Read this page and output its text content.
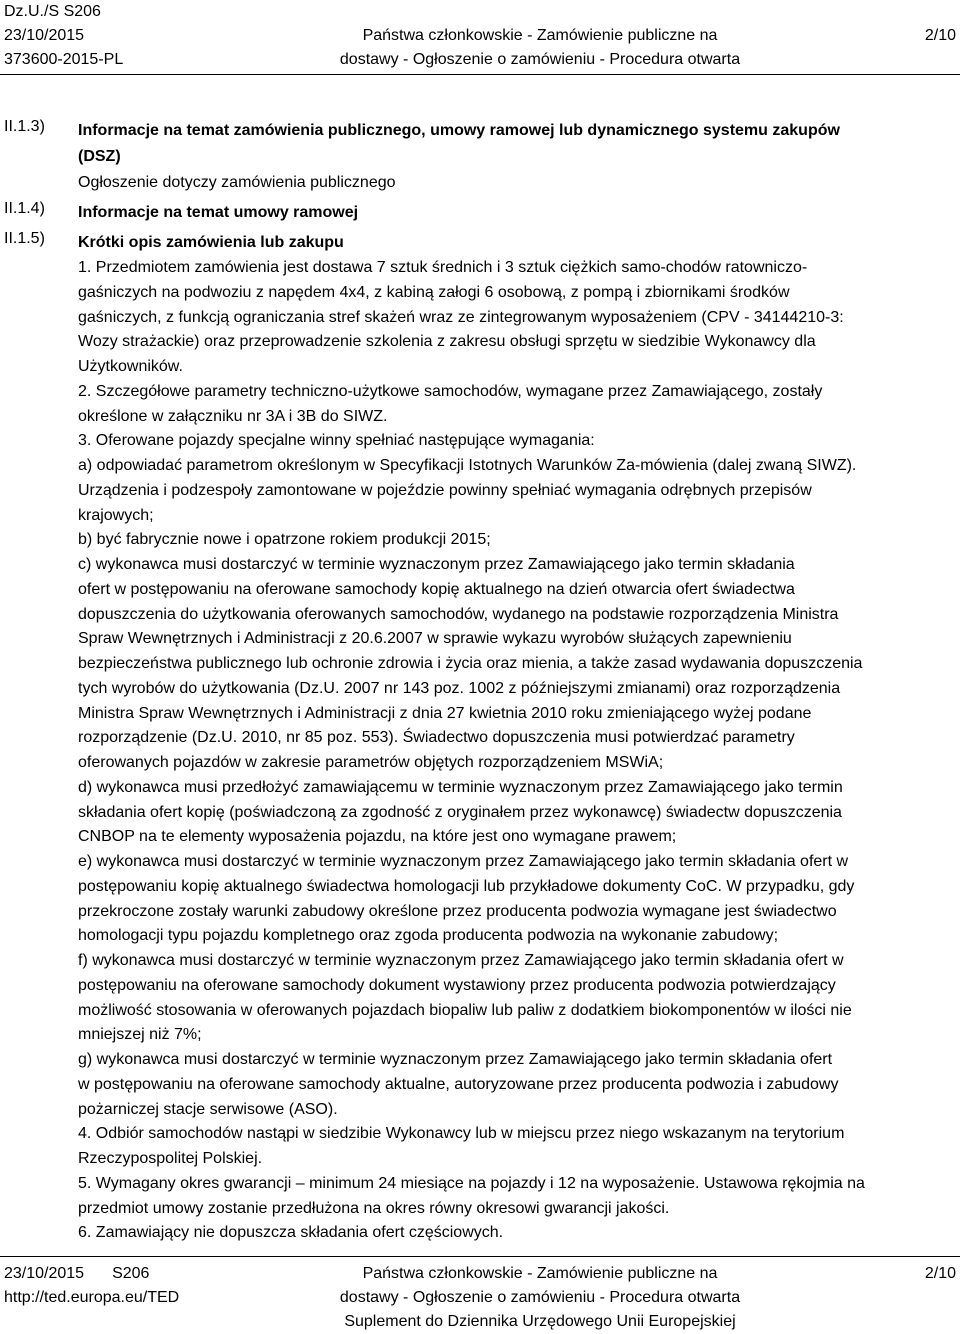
Dz.U./S S206
23/10/2015
373600-2015-PL
Państwa członkowskie - Zamówienie publiczne na
dostawy - Ogłoszenie o zamówieniu - Procedura otwarta
2/10
II.1.3)
II.1.4)
II.1.5)

Informacje na temat zamówienia publicznego, umowy ramowej lub dynamicznego systemu zakupów

(DSZ)

Ogłoszenie dotyczy zamówienia publicznego

Informacje na temat umowy ramowej

Krótki opis zamówienia lub zakupu

1. Przedmiotem zamówienia jest dostawa 7 sztuk średnich i 3 sztuk ciężkich samo-chodów ratowniczo-

gaśniczych na podwoziu z napędem 4x4, z kabiną załogi 6 osobową, z pompą i zbiornikami środków

gaśniczych, z funkcją ograniczania stref skażeń wraz ze zintegrowanym wyposażeniem (CPV - 34144210-3:

Wozy strażackie) oraz przeprowadzenie szkolenia z zakresu obsługi sprzętu w siedzibie Wykonawcy dla

Użytkowników.

2. Szczegółowe parametry techniczno-użytkowe samochodów, wymagane przez Zamawiającego, zostały

określone w załączniku nr 3A i 3B do SIWZ.

3. Oferowane pojazdy specjalne winny spełniać następujące wymagania:

a) odpowiadać parametrom określonym w Specyfikacji Istotnych Warunków Za-mówienia (dalej zwaną SIWZ).

Urządzenia i podzespoły zamontowane w pojeździe powinny spełniać wymagania odrębnych przepisów

krajowych;

b) być fabrycznie nowe i opatrzone rokiem produkcji 2015;

c) wykonawca musi dostarczyć w terminie wyznaczonym przez Zamawiającego jako termin składania

ofert w postępowaniu na oferowane samochody kopię aktualnego na dzień otwarcia ofert świadectwa

dopuszczenia do użytkowania oferowanych samochodów, wydanego na podstawie rozporządzenia Ministra

Spraw Wewnętrznych i Administracji z 20.6.2007 w sprawie wykazu wyrobów służących zapewnieniu

bezpieczeństwa publicznego lub ochronie zdrowia i życia oraz mienia, a także zasad wydawania dopuszczenia

tych wyrobów do użytkowania (Dz.U. 2007 nr 143 poz. 1002 z późniejszymi zmianami) oraz rozporządzenia

Ministra Spraw Wewnętrznych i Administracji z dnia 27 kwietnia 2010 roku zmieniającego wyżej podane

rozporządzenie (Dz.U. 2010, nr 85 poz. 553). Świadectwo dopuszczenia musi potwierdzać parametry

oferowanych pojazdów w zakresie parametrów objętych rozporządzeniem MSWiA;

d) wykonawca musi przedłożyć zamawiającemu w terminie wyznaczonym przez Zamawiającego jako termin

składania ofert kopię (poświadczoną za zgodność z oryginałem przez wykonawcę) świadectw dopuszczenia

CNBOP na te elementy wyposażenia pojazdu, na które jest ono wymagane prawem;

e) wykonawca musi dostarczyć w terminie wyznaczonym przez Zamawiającego jako termin składania ofert w

postępowaniu kopię aktualnego świadectwa homologacji lub przykładowe dokumenty CoC. W przypadku, gdy

przekroczone zostały warunki zabudowy określone przez producenta podwozia wymagane jest świadectwo

homologacji typu pojazdu kompletnego oraz zgoda producenta podwozia na wykonanie zabudowy;

f) wykonawca musi dostarczyć w terminie wyznaczonym przez Zamawiającego jako termin składania ofert w

postępowaniu na oferowane samochody dokument wystawiony przez producenta podwozia potwierdzający

możliwość stosowania w oferowanych pojazdach biopaliw lub paliw z dodatkiem biokomponentów w ilości nie

mniejszej niż 7%;

g) wykonawca musi dostarczyć w terminie wyznaczonym przez Zamawiającego jako termin składania ofert

w postępowaniu na oferowane samochody aktualne, autoryzowane przez producenta podwozia i zabudowy

pożarniczej stacje serwisowe (ASO).

4. Odbiór samochodów nastąpi w siedzibie Wykonawcy lub w miejscu przez niego wskazanym na terytorium

Rzeczypospolitej Polskiej.

5. Wymagany okres gwarancji – minimum 24 miesiące na pojazdy i 12 na wyposażenie. Ustawowa rękojmia na

przedmiot umowy zostanie przedłużona na okres równy okresowi gwarancji jakości.

6. Zamawiający nie dopuszcza składania ofert częściowych.

23/10/2015 S206
http://ted.europa.eu/TED
Państwa członkowskie - Zamówienie publiczne na
dostawy - Ogłoszenie o zamówieniu - Procedura otwarta
Suplement do Dziennika Urzędowego Unii Europejskiej
2/10
